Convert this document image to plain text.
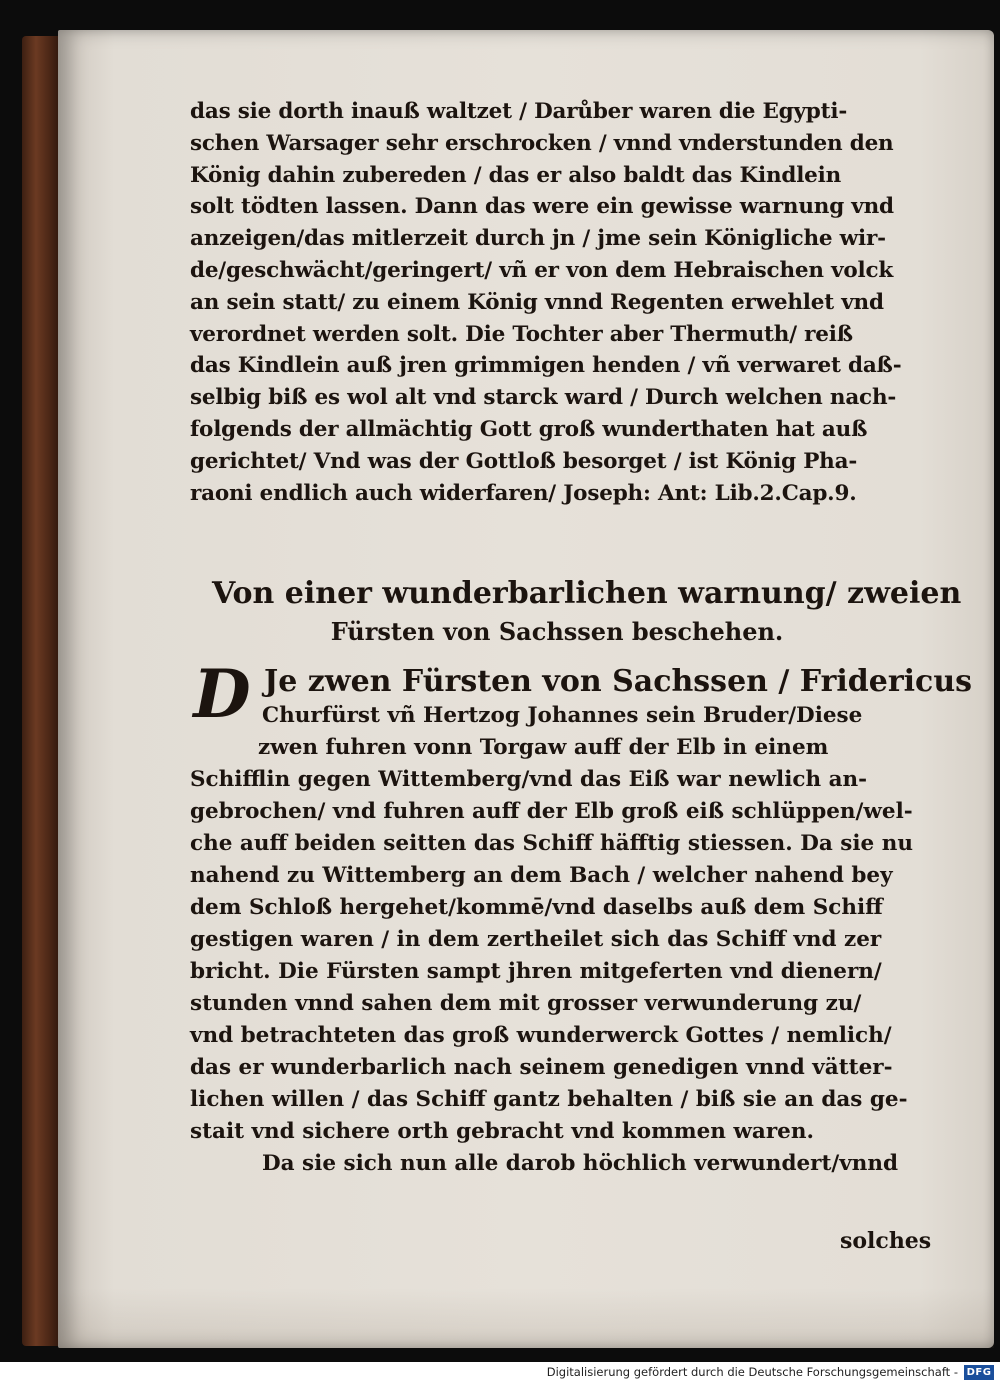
das sie dorth inauß waltzet / Darůber waren die Egypti-
schen Warsager sehr erschrocken / vnnd vnderstunden den
König dahin zubereden / das er also baldt das Kindlein
solt tödten lassen. Dann das were ein gewisse warnung vnd
anzeigen/das mitlerzeit durch jn / jme sein Königliche wir-
de/geschwächt/geringert/ vñ er von dem Hebraischen volck
an sein statt/ zu einem König vnnd Regenten erwehlet vnd
verordnet werden solt. Die Tochter aber Thermuth/ reiß
das Kindlein auß jren grimmigen henden / vñ verwaret daß-
selbig biß es wol alt vnd starck ward / Durch welchen nach-
folgends der allmächtig Gott groß wunderthaten hat auß
gerichtet/ Vnd was der Gottloß besorget / ist König Pha-
raoni endlich auch widerfaren/ Joseph: Ant: Lib.2.Cap.9.
Von einer wunderbarlichen warnung/ zweien
Fürsten von Sachssen beschehen.
D Je zwen Fürsten von Sachssen / Fridericus
Churfürst vñ Hertzog Johannes sein Bruder/Diese
zwen fuhren vonn Torgaw auff der Elb in einem
Schifflin gegen Wittemberg/vnd das Eiß war newlich an-
gebrochen/ vnd fuhren auff der Elb groß eiß schlüppen/wel-
che auff beiden seitten das Schiff häfftig stiessen. Da sie nu
nahend zu Wittemberg an dem Bach / welcher nahend bey
dem Schloß hergehet/kommē/vnd daselbs auß dem Schiff
gestigen waren / in dem zertheilet sich das Schiff vnd zer
bricht. Die Fürsten sampt jhren mitgeferten vnd dienern/
stunden vnnd sahen dem mit grosser verwunderung zu/
vnd betrachteten das groß wunderwerck Gottes / nemlich/
das er wunderbarlich nach seinem genedigen vnnd vätter-
lichen willen / das Schiff gantz behalten / biß sie an das ge-
stait vnd sichere orth gebracht vnd kommen waren.
Da sie sich nun alle darob höchlich verwundert/vnnd
solches
Digitalisierung gefördert durch die Deutsche Forschungsgemeinschaft - DFG
